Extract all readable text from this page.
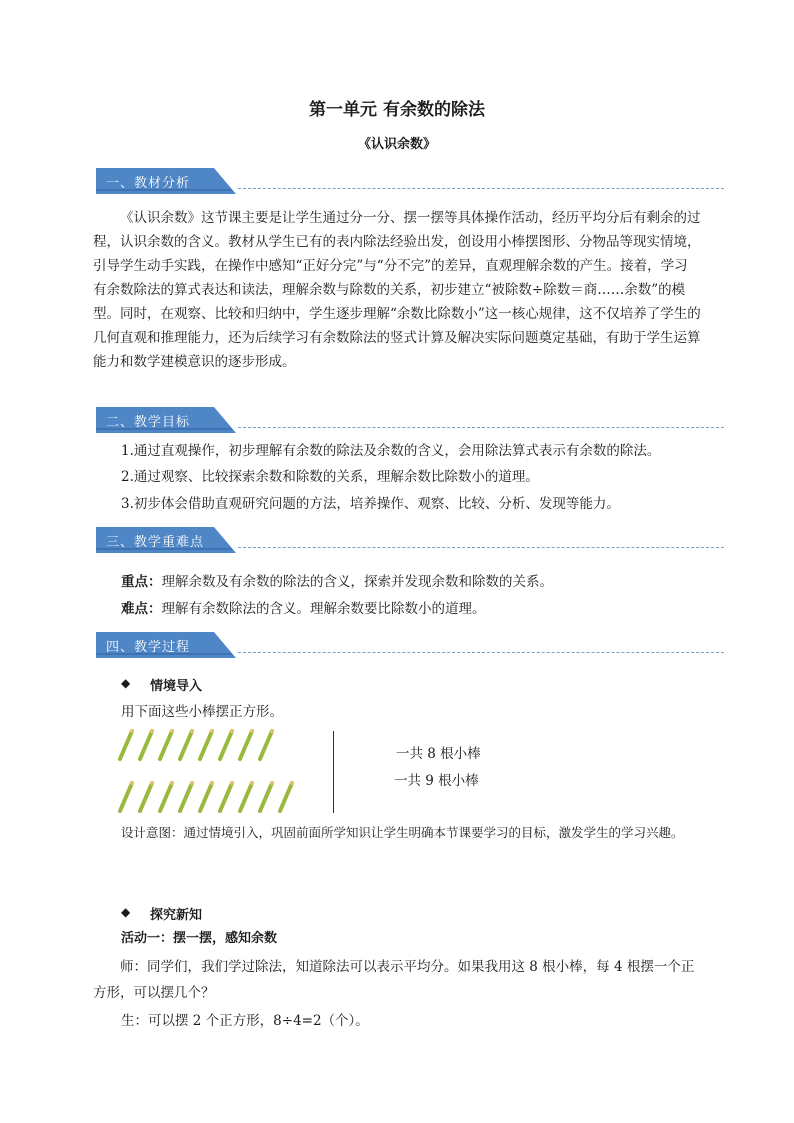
第一单元 有余数的除法
《认识余数》
一、教材分析

《认识余数》这节课主要是让学生通过分一分、摆一摆等具体操作活动，经历平均分后有剩余的过程，认识余数的含义。教材从学生已有的表内除法经验出发，创设用小棒摆图形、分物品等现实情境，引导学生动手实践，在操作中感知“正好分完”与“分不完”的差异，直观理解余数的产生。接着，学习有余数除法的算式表达和读法，理解余数与除数的关系，初步建立“被除数÷除数＝商……余数”的模型。同时，在观察、比较和归纳中，学生逐步理解“余数比除数小”这一核心规律，这不仅培养了学生的几何直观和推理能力，还为后续学习有余数除法的竖式计算及解决实际问题奠定基础，有助于学生运算能力和数学建模意识的逐步形成。

二、教学目标
1.通过直观操作，初步理解有余数的除法及余数的含义，会用除法算式表示有余数的除法。
2.通过观察、比较探索余数和除数的关系，理解余数比除数小的道理。
3.初步体会借助直观研究问题的方法，培养操作、观察、比较、分析、发现等能力。
三、教学重难点
重点：理解余数及有余数的除法的含义，探索并发现余数和除数的关系。
难点：理解有余数除法的含义。理解余数要比除数小的道理。
四、教学过程
◆ 情境导入
用下面这些小棒摆正方形。
一共 8 根小棒
一共 9 根小棒
设计意图：通过情境引入，巩固前面所学知识让学生明确本节课要学习的目标，激发学生的学习兴趣。
◆ 探究新知
活动一：摆一摆，感知余数

师：同学们，我们学过除法，知道除法可以表示平均分。如果我用这 8 根小棒，每 4 根摆一个正方形，可以摆几个？

生：可以摆 2 个正方形，8÷4=2（个）。
